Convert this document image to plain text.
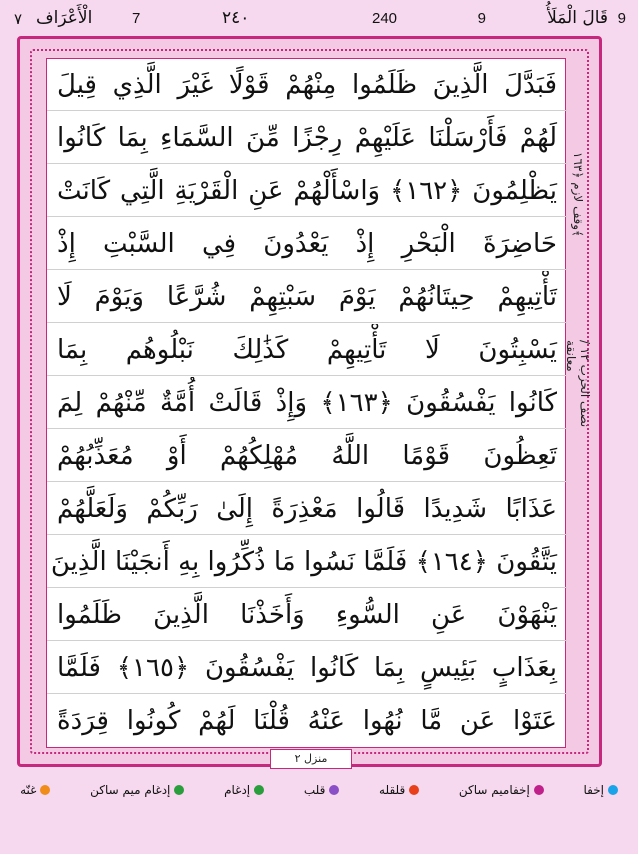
9
قَالَ الْمَلَأُ
9
240
٢٤٠
7
الْأَعْرَاف
٧
فَبَدَّلَ الَّذِينَ ظَلَمُوا مِنْهُمْ قَوْلًا غَيْرَ الَّذِي قِيلَ
لَهُمْ فَأَرْسَلْنَا عَلَيْهِمْ رِجْزًا مِّنَ السَّمَاءِ بِمَا كَانُوا
يَظْلِمُونَ ﴿١٦٢﴾ وَاسْأَلْهُمْ عَنِ الْقَرْيَةِ الَّتِي كَانَتْ
حَاضِرَةَ الْبَحْرِ إِذْ يَعْدُونَ فِي السَّبْتِ إِذْ
تَأْتِيهِمْ حِيتَانُهُمْ يَوْمَ سَبْتِهِمْ شُرَّعًا وَيَوْمَ لَا
يَسْبِتُونَ لَا تَأْتِيهِمْ كَذَٰلِكَ نَبْلُوهُم بِمَا
كَانُوا يَفْسُقُونَ ﴿١٦٣﴾ وَإِذْ قَالَتْ أُمَّةٌ مِّنْهُمْ لِمَ
تَعِظُونَ قَوْمًا اللَّهُ مُهْلِكُهُمْ أَوْ مُعَذِّبُهُمْ
عَذَابًا شَدِيدًا قَالُوا مَعْذِرَةً إِلَىٰ رَبِّكُمْ وَلَعَلَّهُمْ
يَتَّقُونَ ﴿١٦٤﴾ فَلَمَّا نَسُوا مَا ذُكِّرُوا بِهِ أَنجَيْنَا الَّذِينَ
يَنْهَوْنَ عَنِ السُّوءِ وَأَخَذْنَا الَّذِينَ ظَلَمُوا
بِعَذَابٍ بَئِيسٍ بِمَا كَانُوا يَفْسُقُونَ ﴿١٦٥﴾ فَلَمَّا
عَتَوْا عَن مَّا نُهُوا عَنْهُ قُلْنَا لَهُمْ كُونُوا قِرَدَةً
وقف لازم ﴿١٦٣﴾
نصف الحزب ١٢ / معانقة
منزل ٢
إخفا
إخفاميم ساكن
قلقله
قلب
إدغام
إدغام ميم ساكن
غنّه
